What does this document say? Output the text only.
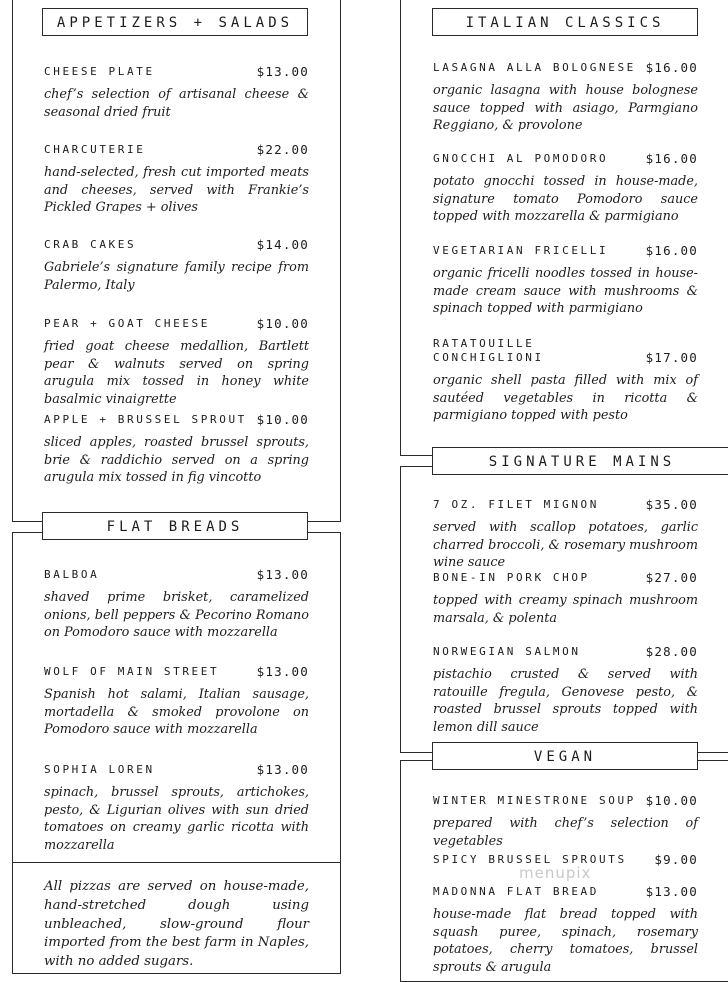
APPETIZERS + SALADS
FLAT BREADS
CHEESE PLATE	$13.00
chef’s selection of artisanal cheese & seasonal dried fruit
CHARCUTERIE	$22.00
hand-selected, fresh cut imported meats and cheeses, served with Frankie’s Pickled Grapes + olives
CRAB CAKES	$14.00
Gabriele’s signature family recipe from Palermo, Italy
PEAR + GOAT CHEESE	$10.00
fried goat cheese medallion, Bartlett pear & walnuts served on spring arugula mix tossed in honey white basalmic vinaigrette
APPLE + BRUSSEL SPROUT $10.00
sliced apples, roasted brussel sprouts, brie & raddichio served on a spring arugula mix tossed in fig vincotto
BALBOA	$13.00
shaved prime brisket, caramelized onions, bell peppers & Pecorino Romano on Pomodoro sauce with mozzarella
WOLF OF MAIN STREET	$13.00
Spanish hot salami, Italian sausage, mortadella & smoked provolone on Pomodoro sauce with mozzarella
SOPHIA LOREN	$13.00
spinach, brussel sprouts, artichokes, pesto, & Ligurian olives with sun dried tomatoes on creamy garlic ricotta with mozzarella
All pizzas are served on house-made, hand-stretched dough using unbleached, slow-ground flour imported from the best farm in Naples, with no added sugars.
ITALIAN CLASSICS
SIGNATURE MAINS
VEGAN
LASAGNA ALLA BOLOGNESE $16.00
organic lasagna with house bolognese sauce topped with asiago, Parmgiano Reggiano, & provolone
GNOCCHI AL POMODORO	$16.00
potato gnocchi tossed in house-made, signature tomato Pomodoro sauce topped with mozzarella & parmigiano
VEGETARIAN FRICELLI	$16.00
organic fricelli noodles tossed in house-made cream sauce with mushrooms & spinach topped with parmigiano
RATATOUILLE
CONCHIGLIONI	$17.00
organic shell pasta filled with mix of sautéed vegetables in ricotta & parmigiano topped with pesto
7 OZ. FILET MIGNON	$35.00
served with scallop potatoes, garlic charred broccoli, & rosemary mushroom wine sauce
BONE-IN PORK CHOP	$27.00
topped with creamy spinach mushroom marsala, & polenta
NORWEGIAN SALMON	$28.00
pistachio crusted & served with ratouille fregula, Genovese pesto, & roasted brussel sprouts topped with lemon dill sauce
WINTER MINESTRONE SOUP $10.00
prepared with chef’s selection of vegetables
SPICY BRUSSEL SPROUTS $9.00
MADONNA FLAT BREAD	$13.00
house-made flat bread topped with squash puree, spinach, rosemary potatoes, cherry tomatoes, brussel sprouts & arugula
menupix
